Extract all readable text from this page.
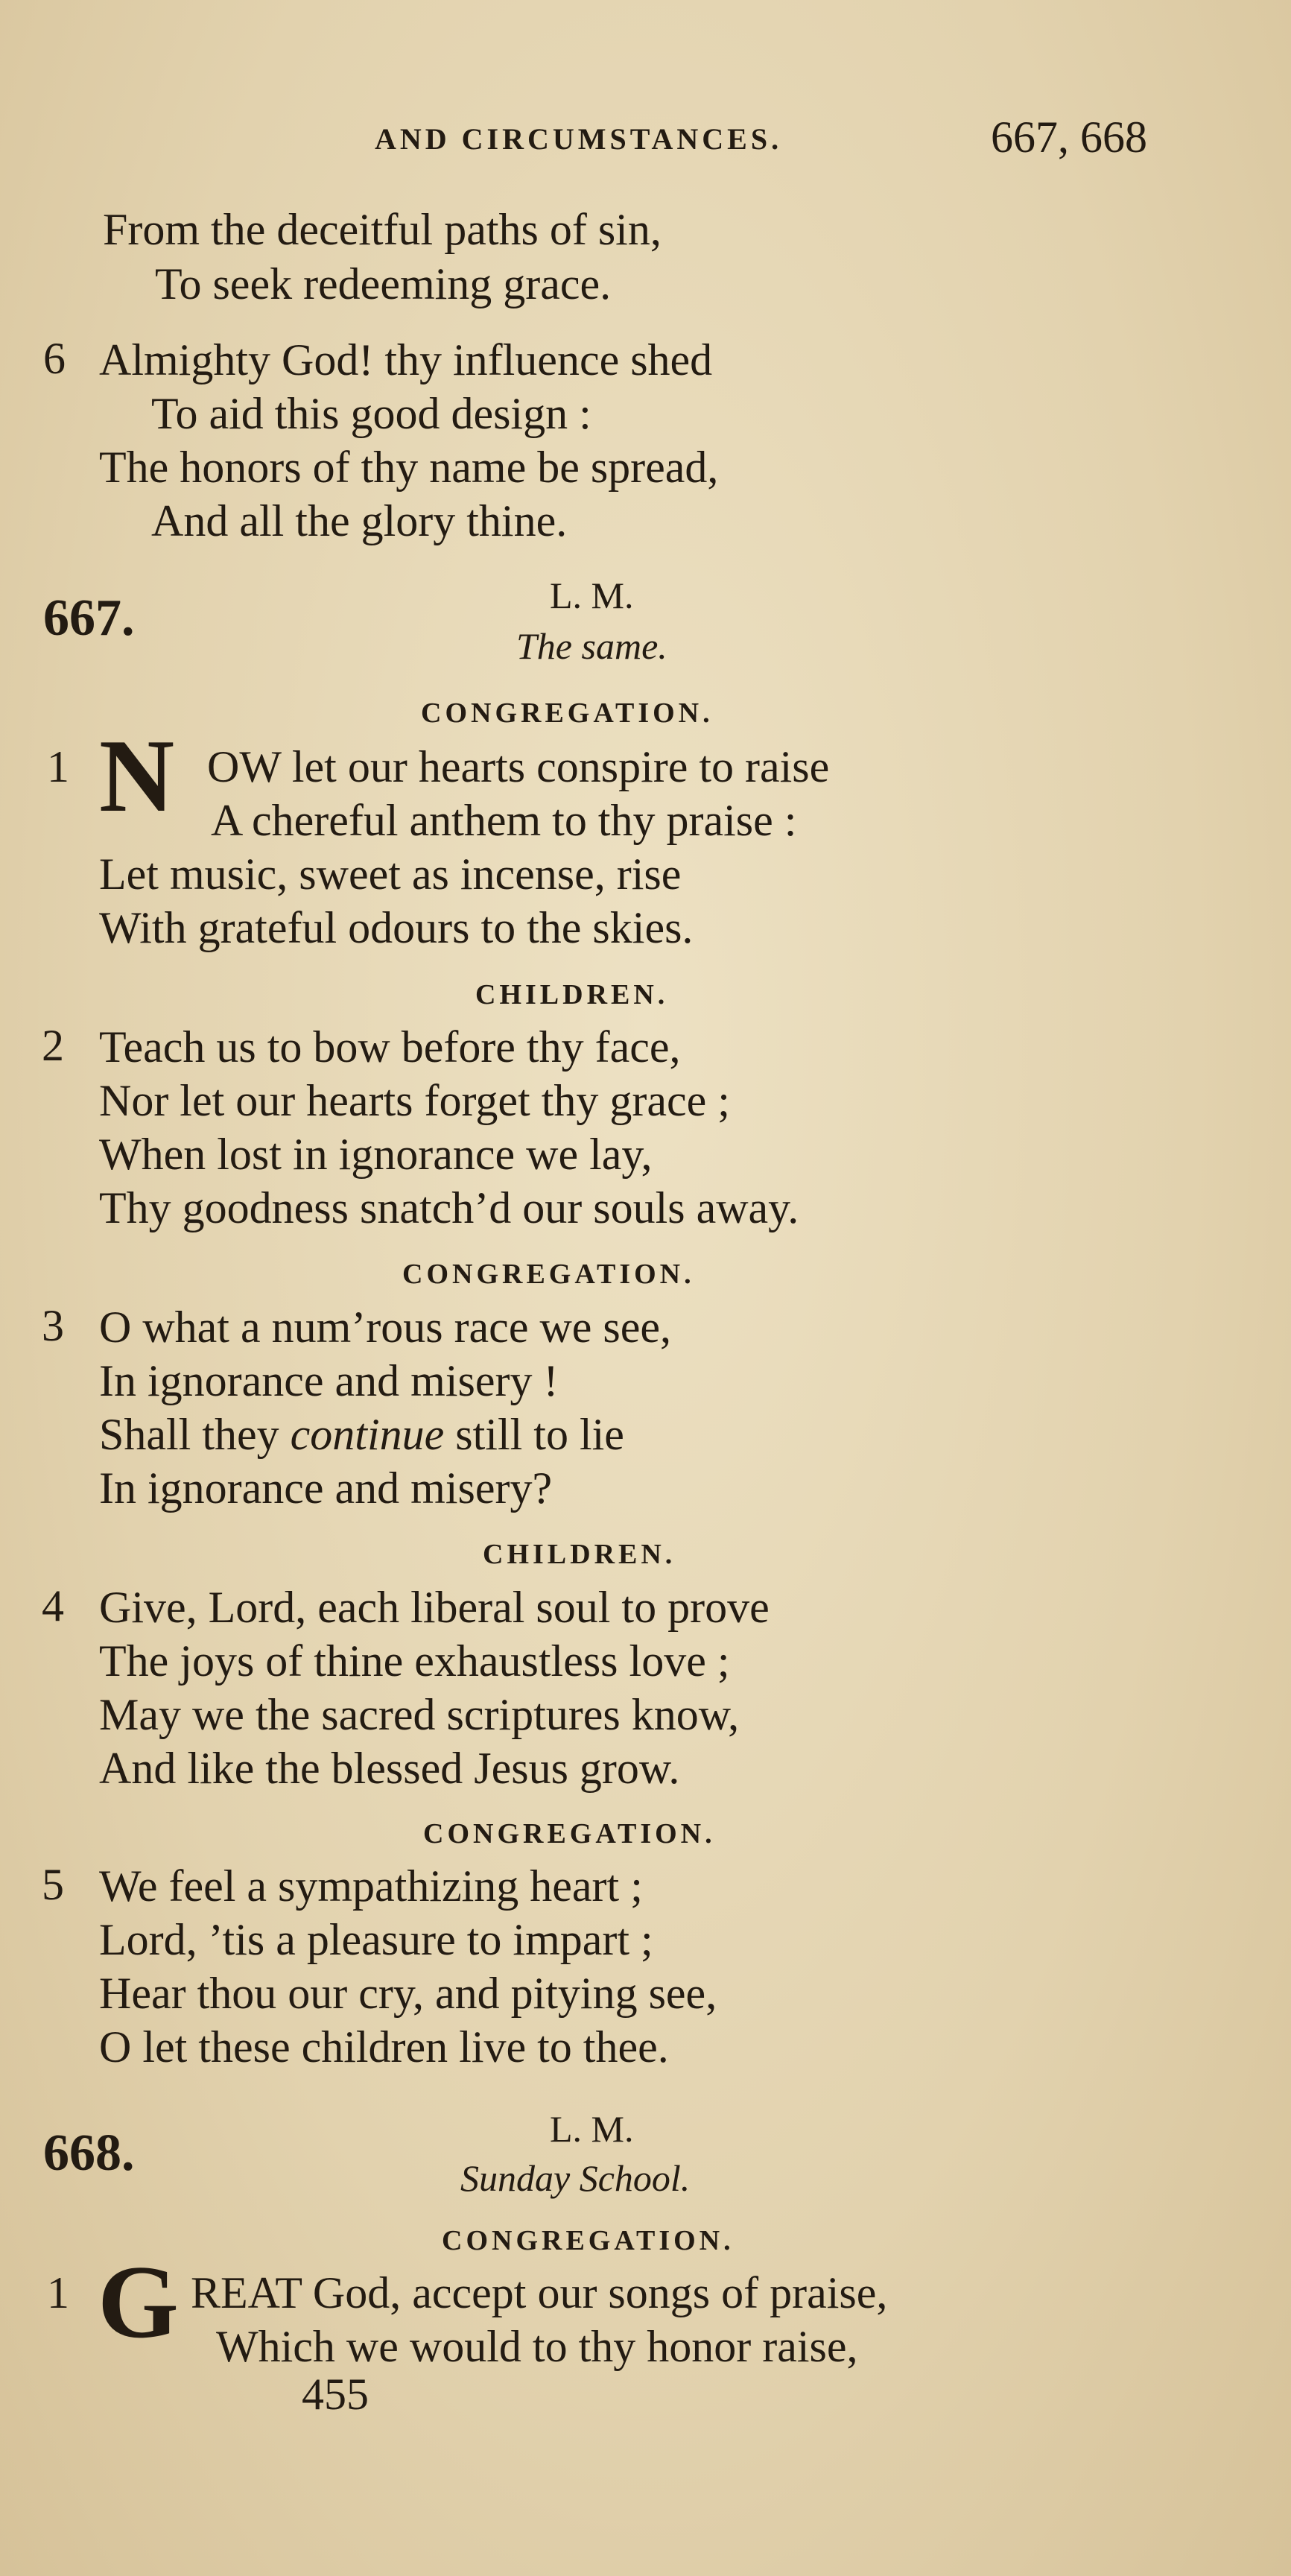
AND CIRCUMSTANCES.	667, 668
From the deceitful paths of sin,
To seek redeeming grace.
6 Almighty God! thy influence shed
To aid this good design :
The honors of thy name be spread,
And all the glory thine.
667.	L. M.
The same.
CONGREGATION.
1 N OW let our hearts conspire to raise
A chereful anthem to thy praise :
Let music, sweet as incense, rise
With grateful odours to the skies.
CHILDREN.
2 Teach us to bow before thy face,
Nor let our hearts forget thy grace ;
When lost in ignorance we lay,
Thy goodness snatch’d our souls away.
CONGREGATION.
3 O what a num’rous race we see,
In ignorance and misery !
Shall they continue still to lie
In ignorance and misery?
CHILDREN.
4 Give, Lord, each liberal soul to prove
The joys of thine exhaustless love ;
May we the sacred scriptures know,
And like the blessed Jesus grow.
CONGREGATION.
5 We feel a sympathizing heart ;
Lord, ’tis a pleasure to impart ;
Hear thou our cry, and pitying see,
O let these children live to thee.
668.	L. M.
Sunday School.
CONGREGATION.
1 G REAT God, accept our songs of praise,
Which we would to thy honor raise,
455
